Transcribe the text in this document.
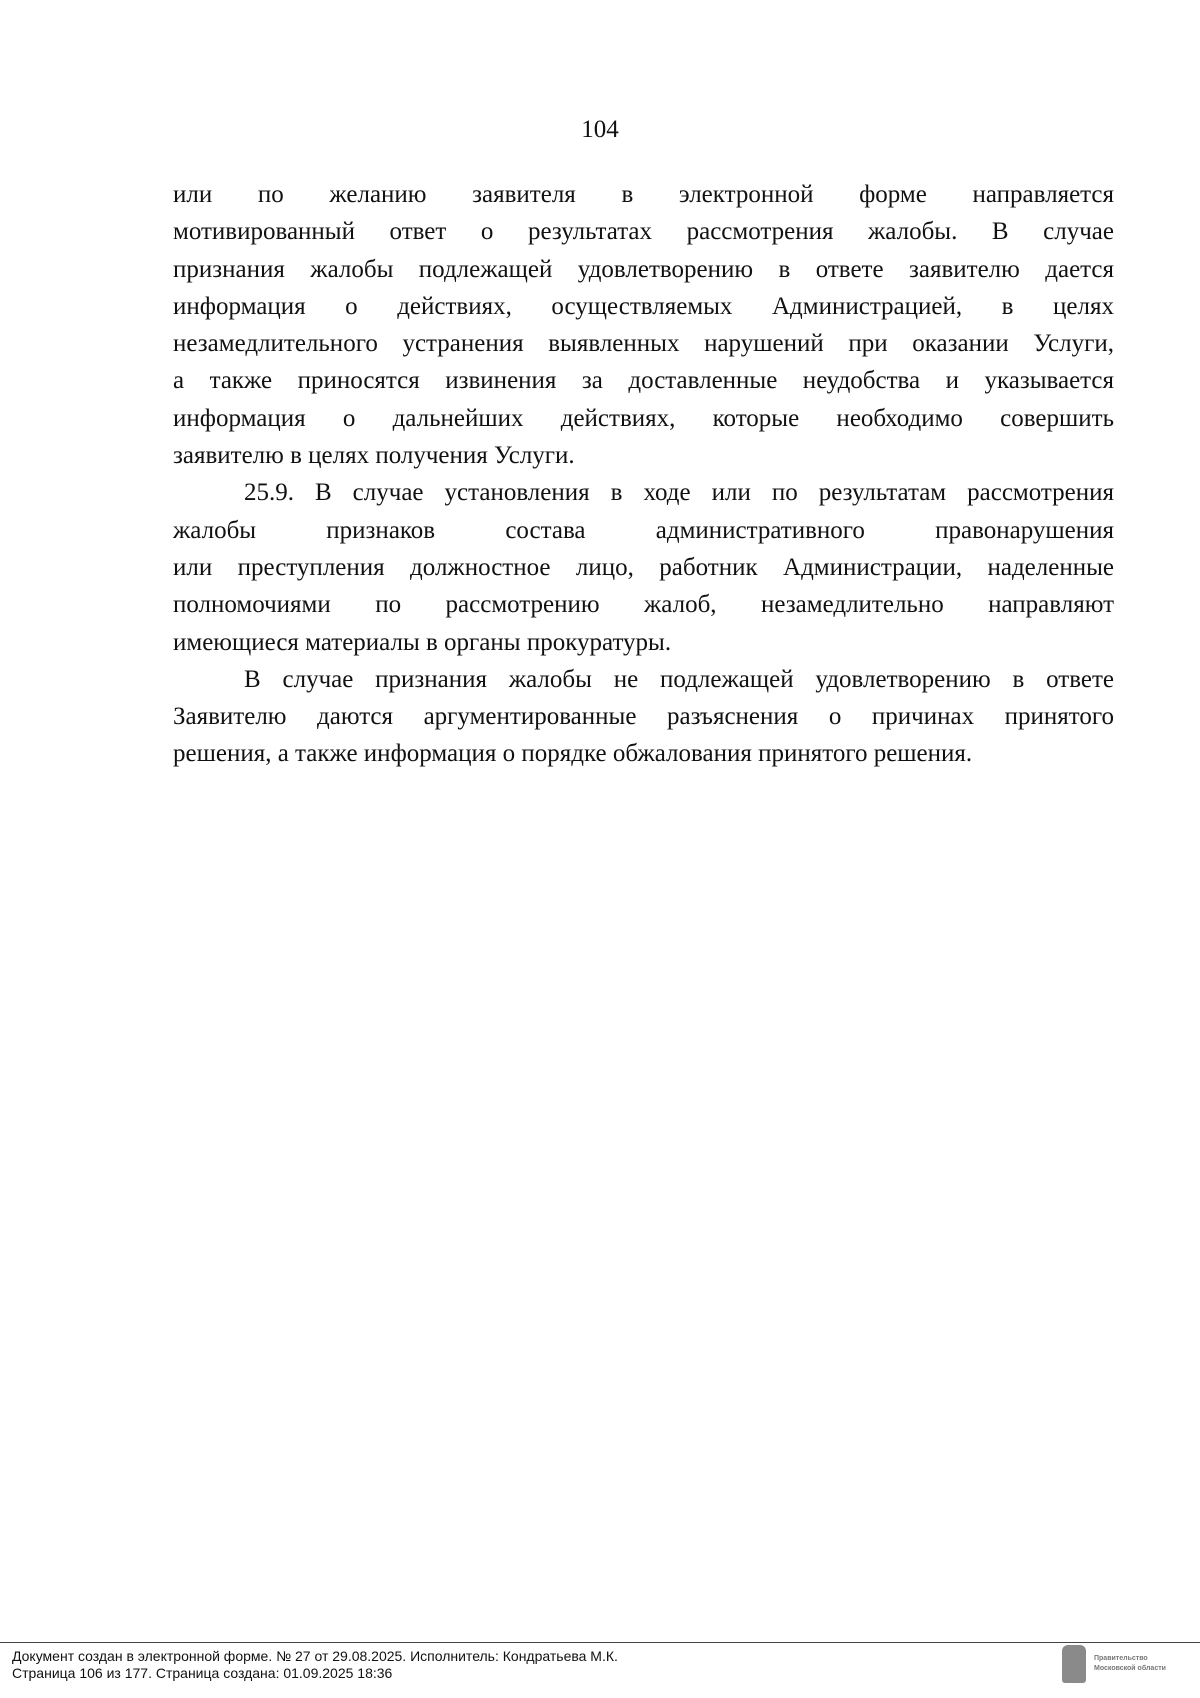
104
или по желанию заявителя в электронной форме направляется
мотивированный ответ о результатах рассмотрения жалобы. В случае
признания жалобы подлежащей удовлетворению в ответе заявителю дается
информация о действиях, осуществляемых Администрацией, в целях
незамедлительного устранения выявленных нарушений при оказании Услуги,
а также приносятся извинения за доставленные неудобства и указывается
информация о дальнейших действиях, которые необходимо совершить
заявителю в целях получения Услуги.
25.9. В случае установления в ходе или по результатам рассмотрения
жалобы признаков состава административного правонарушения
или преступления должностное лицо, работник Администрации, наделенные
полномочиями по рассмотрению жалоб, незамедлительно направляют
имеющиеся материалы в органы прокуратуры.
В случае признания жалобы не подлежащей удовлетворению в ответе
Заявителю даются аргументированные разъяснения о причинах принятого
решения, а также информация о порядке обжалования принятого решения.
Документ создан в электронной форме. № 27 от 29.08.2025. Исполнитель: Кондратьева М.К.
Страница 106 из 177. Страница создана: 01.09.2025 18:36
Правительство
Московской области
